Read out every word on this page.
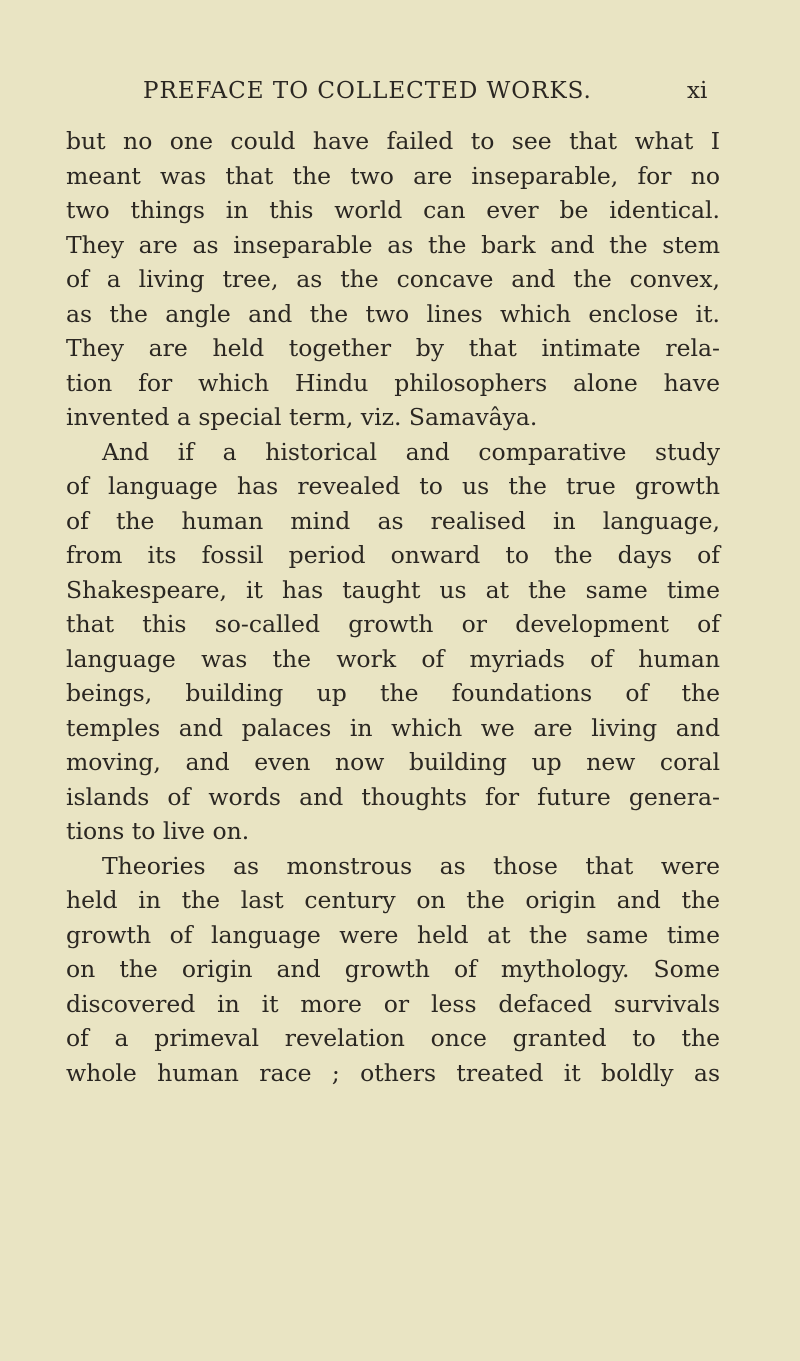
PREFACE TO COLLECTED WORKS.	xi
but no one could have failed to see that what I
meant was that the two are inseparable, for no
two things in this world can ever be identical.
They are as inseparable as the bark and the stem
of a living tree, as the concave and the convex,
as the angle and the two lines which enclose it.
They are held together by that intimate rela-
tion for which Hindu philosophers alone have
invented a special term, viz. Samavâya.
And if a historical and comparative study
of language has revealed to us the true growth
of the human mind as realised in language,
from its fossil period onward to the days of
Shakespeare, it has taught us at the same time
that this so-called growth or development of
language was the work of myriads of human
beings, building up the foundations of the
temples and palaces in which we are living and
moving, and even now building up new coral
islands of words and thoughts for future genera-
tions to live on.
Theories as monstrous as those that were
held in the last century on the origin and the
growth of language were held at the same time
on the origin and growth of mythology. Some
discovered in it more or less defaced survivals
of a primeval revelation once granted to the
whole human race ; others treated it boldly as
